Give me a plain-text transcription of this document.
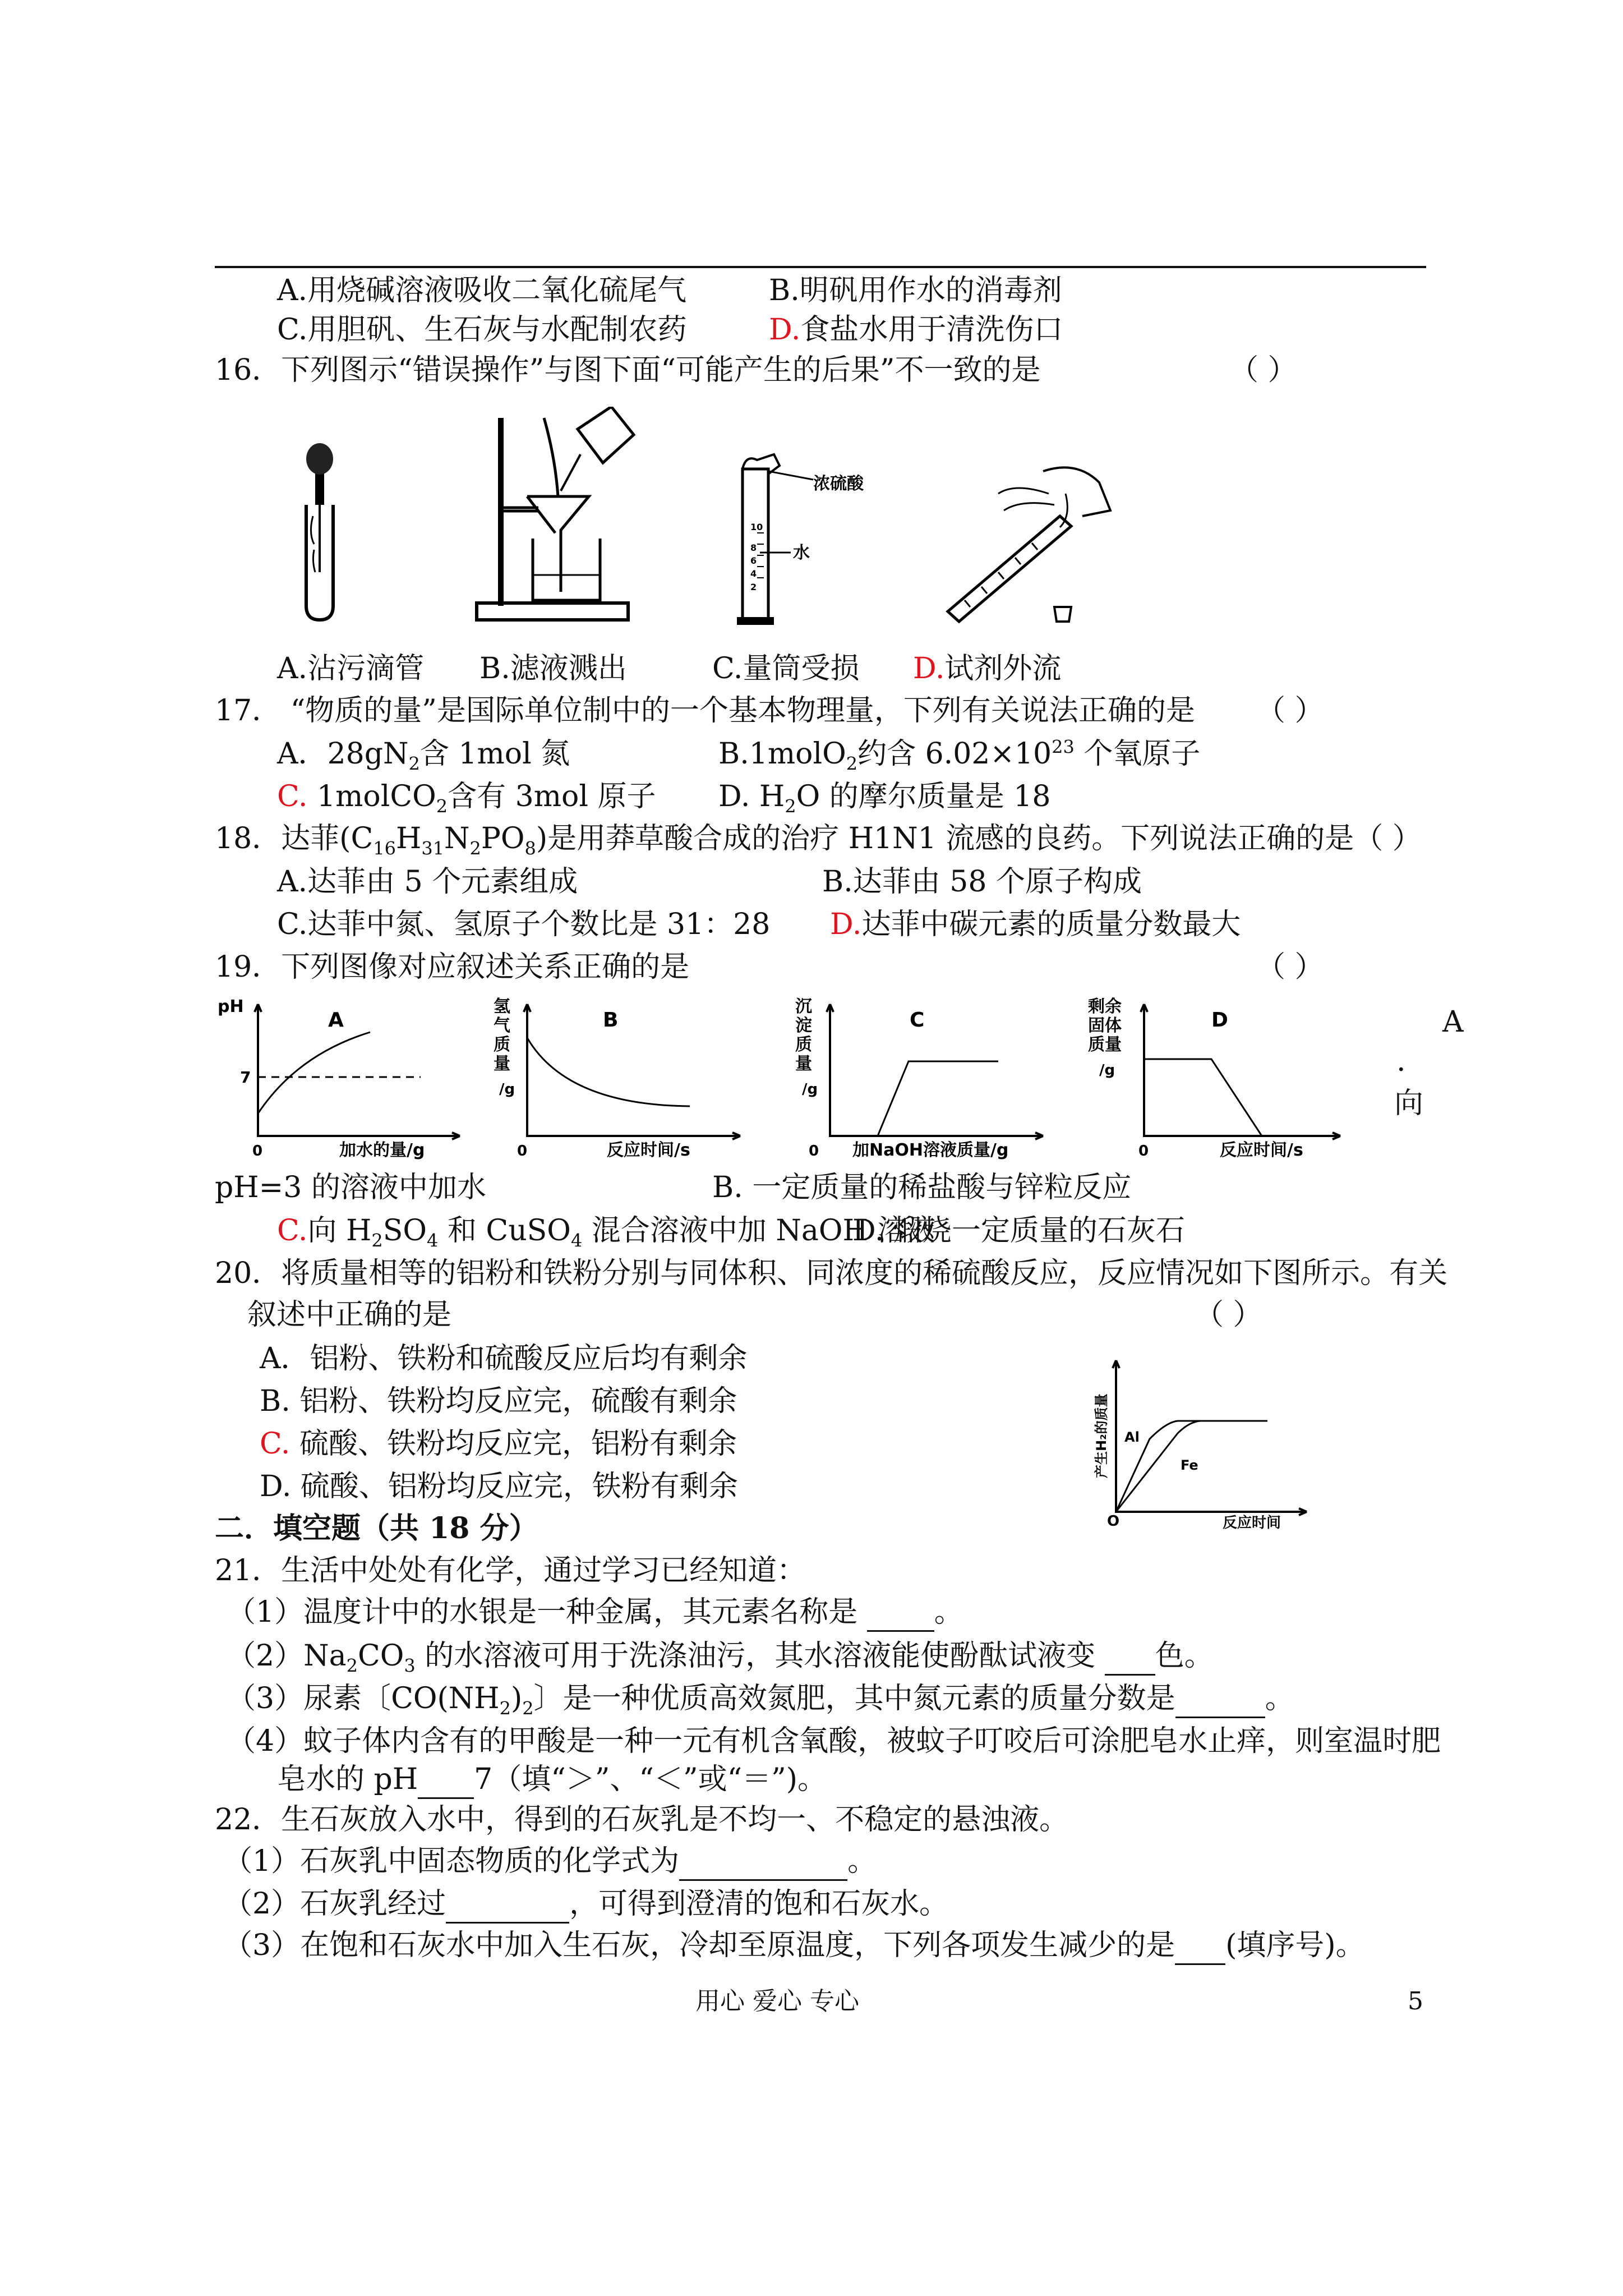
A.用烧碱溶液吸收二氧化硫尾气	B.明矾用作水的消毒剂
C.用胆矾、生石灰与水配制农药	D.食盐水用于清洗伤口
16．下列图示“错误操作”与图下面“可能产生的后果”不一致的是	（ ）
浓硫酸
水
10
8
6
4
2
A.沾污滴管 B.滤液溅出	C.量筒受损 D.试剂外流
17． “物质的量”是国际单位制中的一个基本物理量，下列有关说法正确的是 （ ）
A．$28gN_2$含 1mol 氮	B.1molO$_2$约含 $6.02\times 10^{23}$ 个氧原子
C. 1molCO$_2$含有 3mol 原子 D. $H_2O$ 的摩尔质量是 18
18．达菲$(C_{16}H_{31}N_2PO_8)$是用莽草酸合成的治疗 H1N1 流感的良药。下列说法正确的是（ ）
A.达菲由 5 个元素组成	B.达菲由 58 个原子构成
C.达菲中氮、氢原子个数比是 31：28 D.达菲中碳元素的质量分数最大
19．下列图像对应叙述关系正确的是	（ ）
pH
A
7
0	加水的量/g
氢
气
质
量
/g
B
0	反应时间/s
沉
淀
质
量
/g
C
0 加NaOH溶液质量/g
剩余
固体
质量
/g
D
0	反应时间/s
A
.
向
pH=3 的溶液中加水	B. 一定质量的稀盐酸与锌粒反应
C.向 $H_2SO_4$ 和 CuSO$_4$ 混合溶液中加 NaOH 溶液
D. 煅烧一定质量的石灰石
20．将质量相等的铝粉和铁粉分别与同体积、同浓度的稀硫酸反应，反应情况如下图所示。有关
叙述中正确的是	（ ）
A．铝粉、铁粉和硫酸反应后均有剩余
B. 铝粉、铁粉均反应完，硫酸有剩余
C. 硫酸、铁粉均反应完，铝粉有剩余
D. 硫酸、铝粉均反应完，铁粉有剩余
产生H₂的质量 Al
Fe
O	反应时间
二．填空题（共 18 分）
21．生活中处处有化学，通过学习已经知道：
（1）温度计中的水银是一种金属，其元素名称是  。
$(2)Na_2CO_3$ 的水溶液可用于洗涤油污，其水溶液能使酚酞试液变  色。
（3）尿素〔$CO(NH_2)_2$〕是一种优质高效氮肥，其中氮元素的质量分数是	。
（4）蚊子体内含有的甲酸是一种一元有机含氧酸，被蚊子叮咬后可涂肥皂水止痒，则室温时肥
皂水的 pH 7（填“＞”、“＜”或“＝”)。
22．生石灰放入水中，得到的石灰乳是不均一、不稳定的悬浊液。
（1）石灰乳中固态物质的化学式为	。
（2）石灰乳经过	，可得到澄清的饱和石灰水。
（3）在饱和石灰水中加入生石灰，冷却至原温度，下列各项发生减少的是 (填序号)。
用心 爱心 专心	5
